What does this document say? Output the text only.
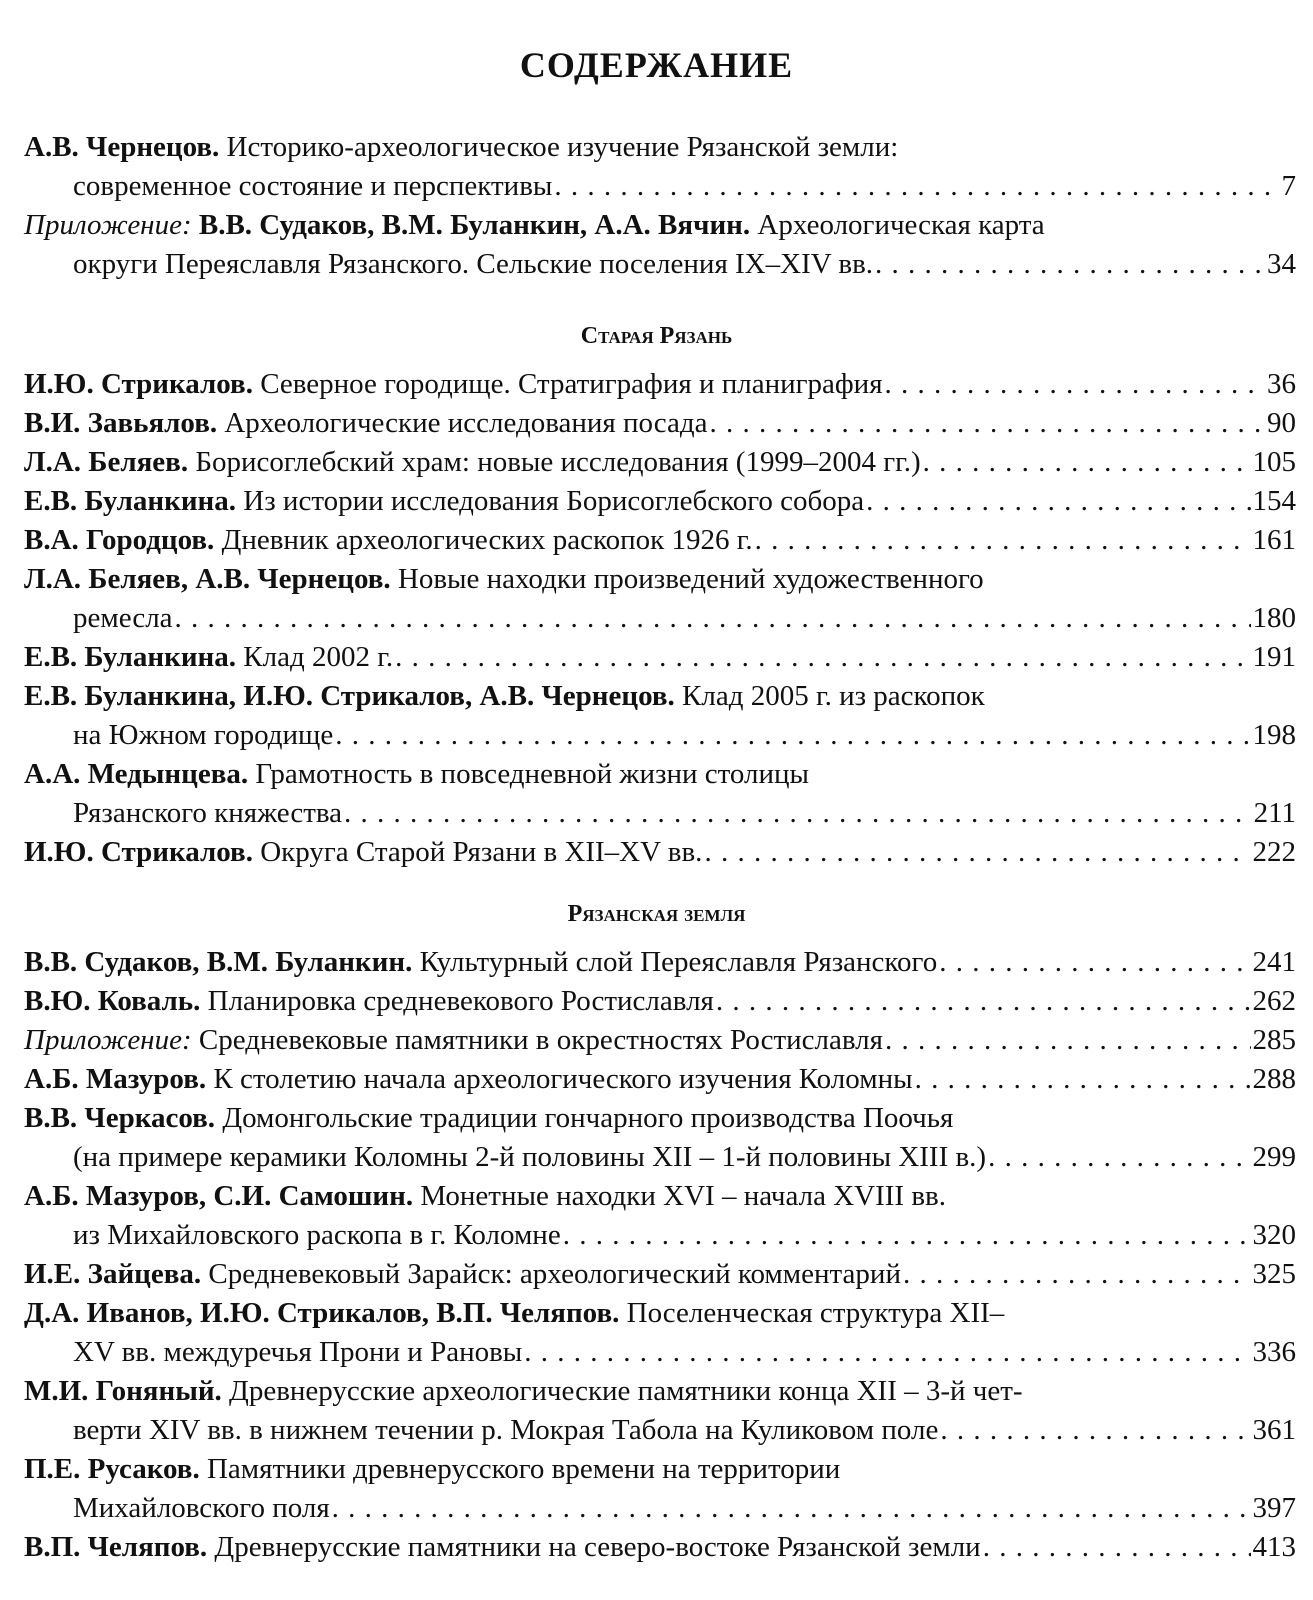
СОДЕРЖАНИЕ
А.В. Чернецов. Историко-археологическое изучение Рязанской земли:
современное состояние и перспективы . . .	7
Приложение: В.В. Судаков, В.М. Буланкин, А.А. Вячин. Археологическая карта
округи Переяславля Рязанского. Сельские поселения IX–XIV вв. . . .	34
Старая Рязань
И.Ю. Стрикалов. Северное городище. Стратиграфия и планиграфия . . .	36
В.И. Завьялов. Археологические исследования посада . . .	90
Л.А. Беляев. Борисоглебский храм: новые исследования (1999–2004 гг.) . . .	105
Е.В. Буланкина. Из истории исследования Борисоглебского собора . . .	154
В.А. Городцов. Дневник археологических раскопок 1926 г. . . .	161
Л.А. Беляев, А.В. Чернецов. Новые находки произведений художественного
ремесла . . .	180
Е.В. Буланкина. Клад 2002 г. . . .	191
Е.В. Буланкина, И.Ю. Стрикалов, А.В. Чернецов. Клад 2005 г. из раскопок
на Южном городище . . .	198
А.А. Медынцева. Грамотность в повседневной жизни столицы
Рязанского княжества . . .	211
И.Ю. Стрикалов. Округа Старой Рязани в XII–XV вв. . . .	222
Рязанская земля
В.В. Судаков, В.М. Буланкин. Культурный слой Переяславля Рязанского . . .	241
В.Ю. Коваль. Планировка средневекового Ростиславля . . .	262
Приложение: Средневековые памятники в окрестностях Ростиславля . . .	285
А.Б. Мазуров. К столетию начала археологического изучения Коломны . . .	288
В.В. Черкасов. Домонгольские традиции гончарного производства Поочья
(на примере керамики Коломны 2-й половины XII – 1-й половины XIII в.) . . .	299
А.Б. Мазуров, С.И. Самошин. Монетные находки XVI – начала XVIII вв.
из Михайловского раскопа в г. Коломне . . .	320
И.Е. Зайцева. Средневековый Зарайск: археологический комментарий . . .	325
Д.А. Иванов, И.Ю. Стрикалов, В.П. Челяпов. Поселенческая структура XII–
XV вв. междуречья Прони и Рановы . . .	336
М.И. Гоняный. Древнерусские археологические памятники конца XII – 3-й чет-
верти XIV вв. в нижнем течении р. Мокрая Табола на Куликовом поле . . .	361
П.Е. Русаков. Памятники древнерусского времени на территории
Михайловского поля . . .	397
В.П. Челяпов. Древнерусские памятники на северо-востоке Рязанской земли . . .	413
